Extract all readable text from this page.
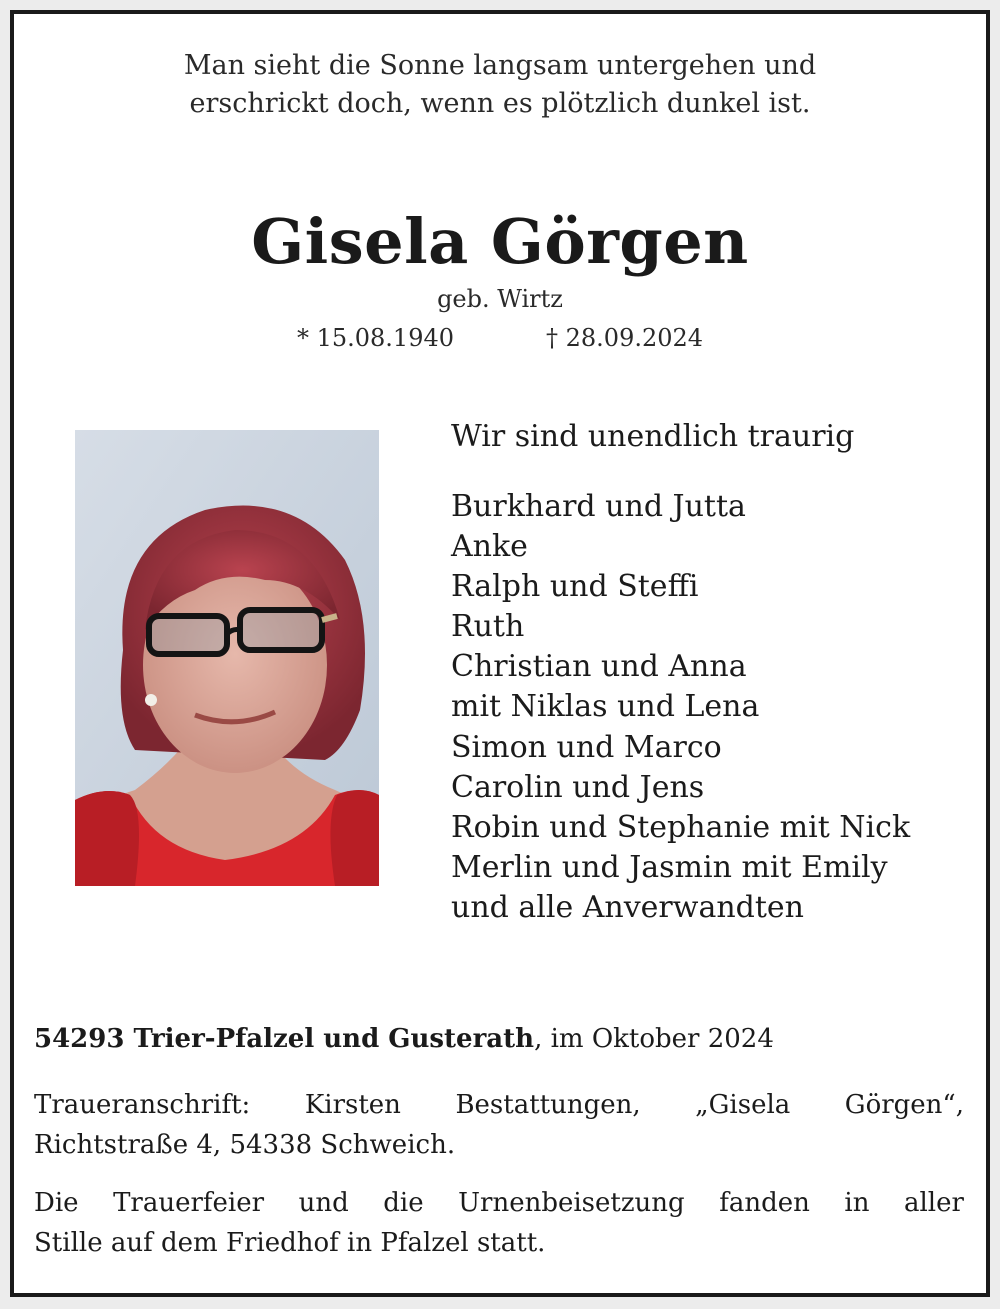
Man sieht die Sonne langsam untergehen und
erschrickt doch, wenn es plötzlich dunkel ist.
Gisela Görgen
geb. Wirtz
* 15.08.1940	† 28.09.2024
Wir sind unendlich traurig
Burkhard und Jutta
Anke
Ralph und Steffi
Ruth
Christian und Anna
mit Niklas und Lena
Simon und Marco
Carolin und Jens
Robin und Stephanie mit Nick
Merlin und Jasmin mit Emily
und alle Anverwandten
54293 Trier-Pfalzel und Gusterath, im Oktober 2024
Traueranschrift: Kirsten Bestattungen, „Gisela Görgen“,
Richtstraße 4, 54338 Schweich.
Die Trauerfeier und die Urnenbeisetzung fanden in aller
Stille auf dem Friedhof in Pfalzel statt.
